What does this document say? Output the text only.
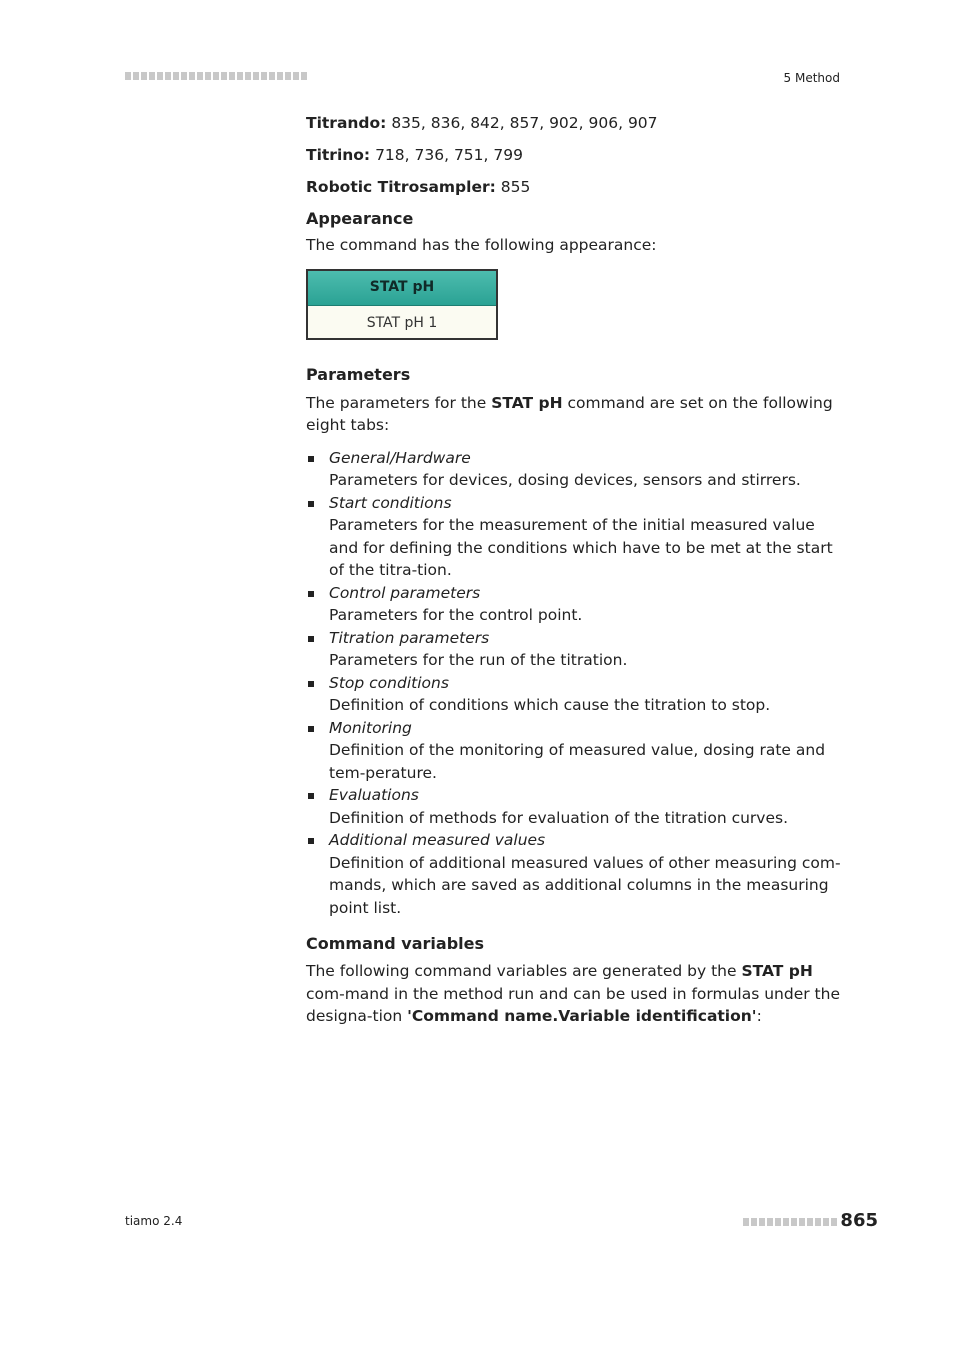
5 Method

Titrando: 835, 836, 842, 857, 902, 906, 907

Titrino: 718, 736, 751, 799

Robotic Titrosampler: 855

Appearance

The command has the following appearance:

STAT pH
STAT pH 1
Parameters

The parameters for the STAT pH command are set on the following eight tabs:

General/Hardware
Parameters for devices, dosing devices, sensors and stirrers.
Start conditions
Parameters for the measurement of the initial measured value and for defining the conditions which have to be met at the start of the titra-tion.
Control parameters
Parameters for the control point.
Titration parameters
Parameters for the run of the titration.
Stop conditions
Definition of conditions which cause the titration to stop.
Monitoring
Definition of the monitoring of measured value, dosing rate and tem-perature.
Evaluations
Definition of methods for evaluation of the titration curves.
Additional measured values
Definition of additional measured values of other measuring com-mands, which are saved as additional columns in the measuring point list.
Command variables

The following command variables are generated by the STAT pH com-mand in the method run and can be used in formulas under the designa-tion 'Command name.Variable identification':

tiamo 2.4	865
